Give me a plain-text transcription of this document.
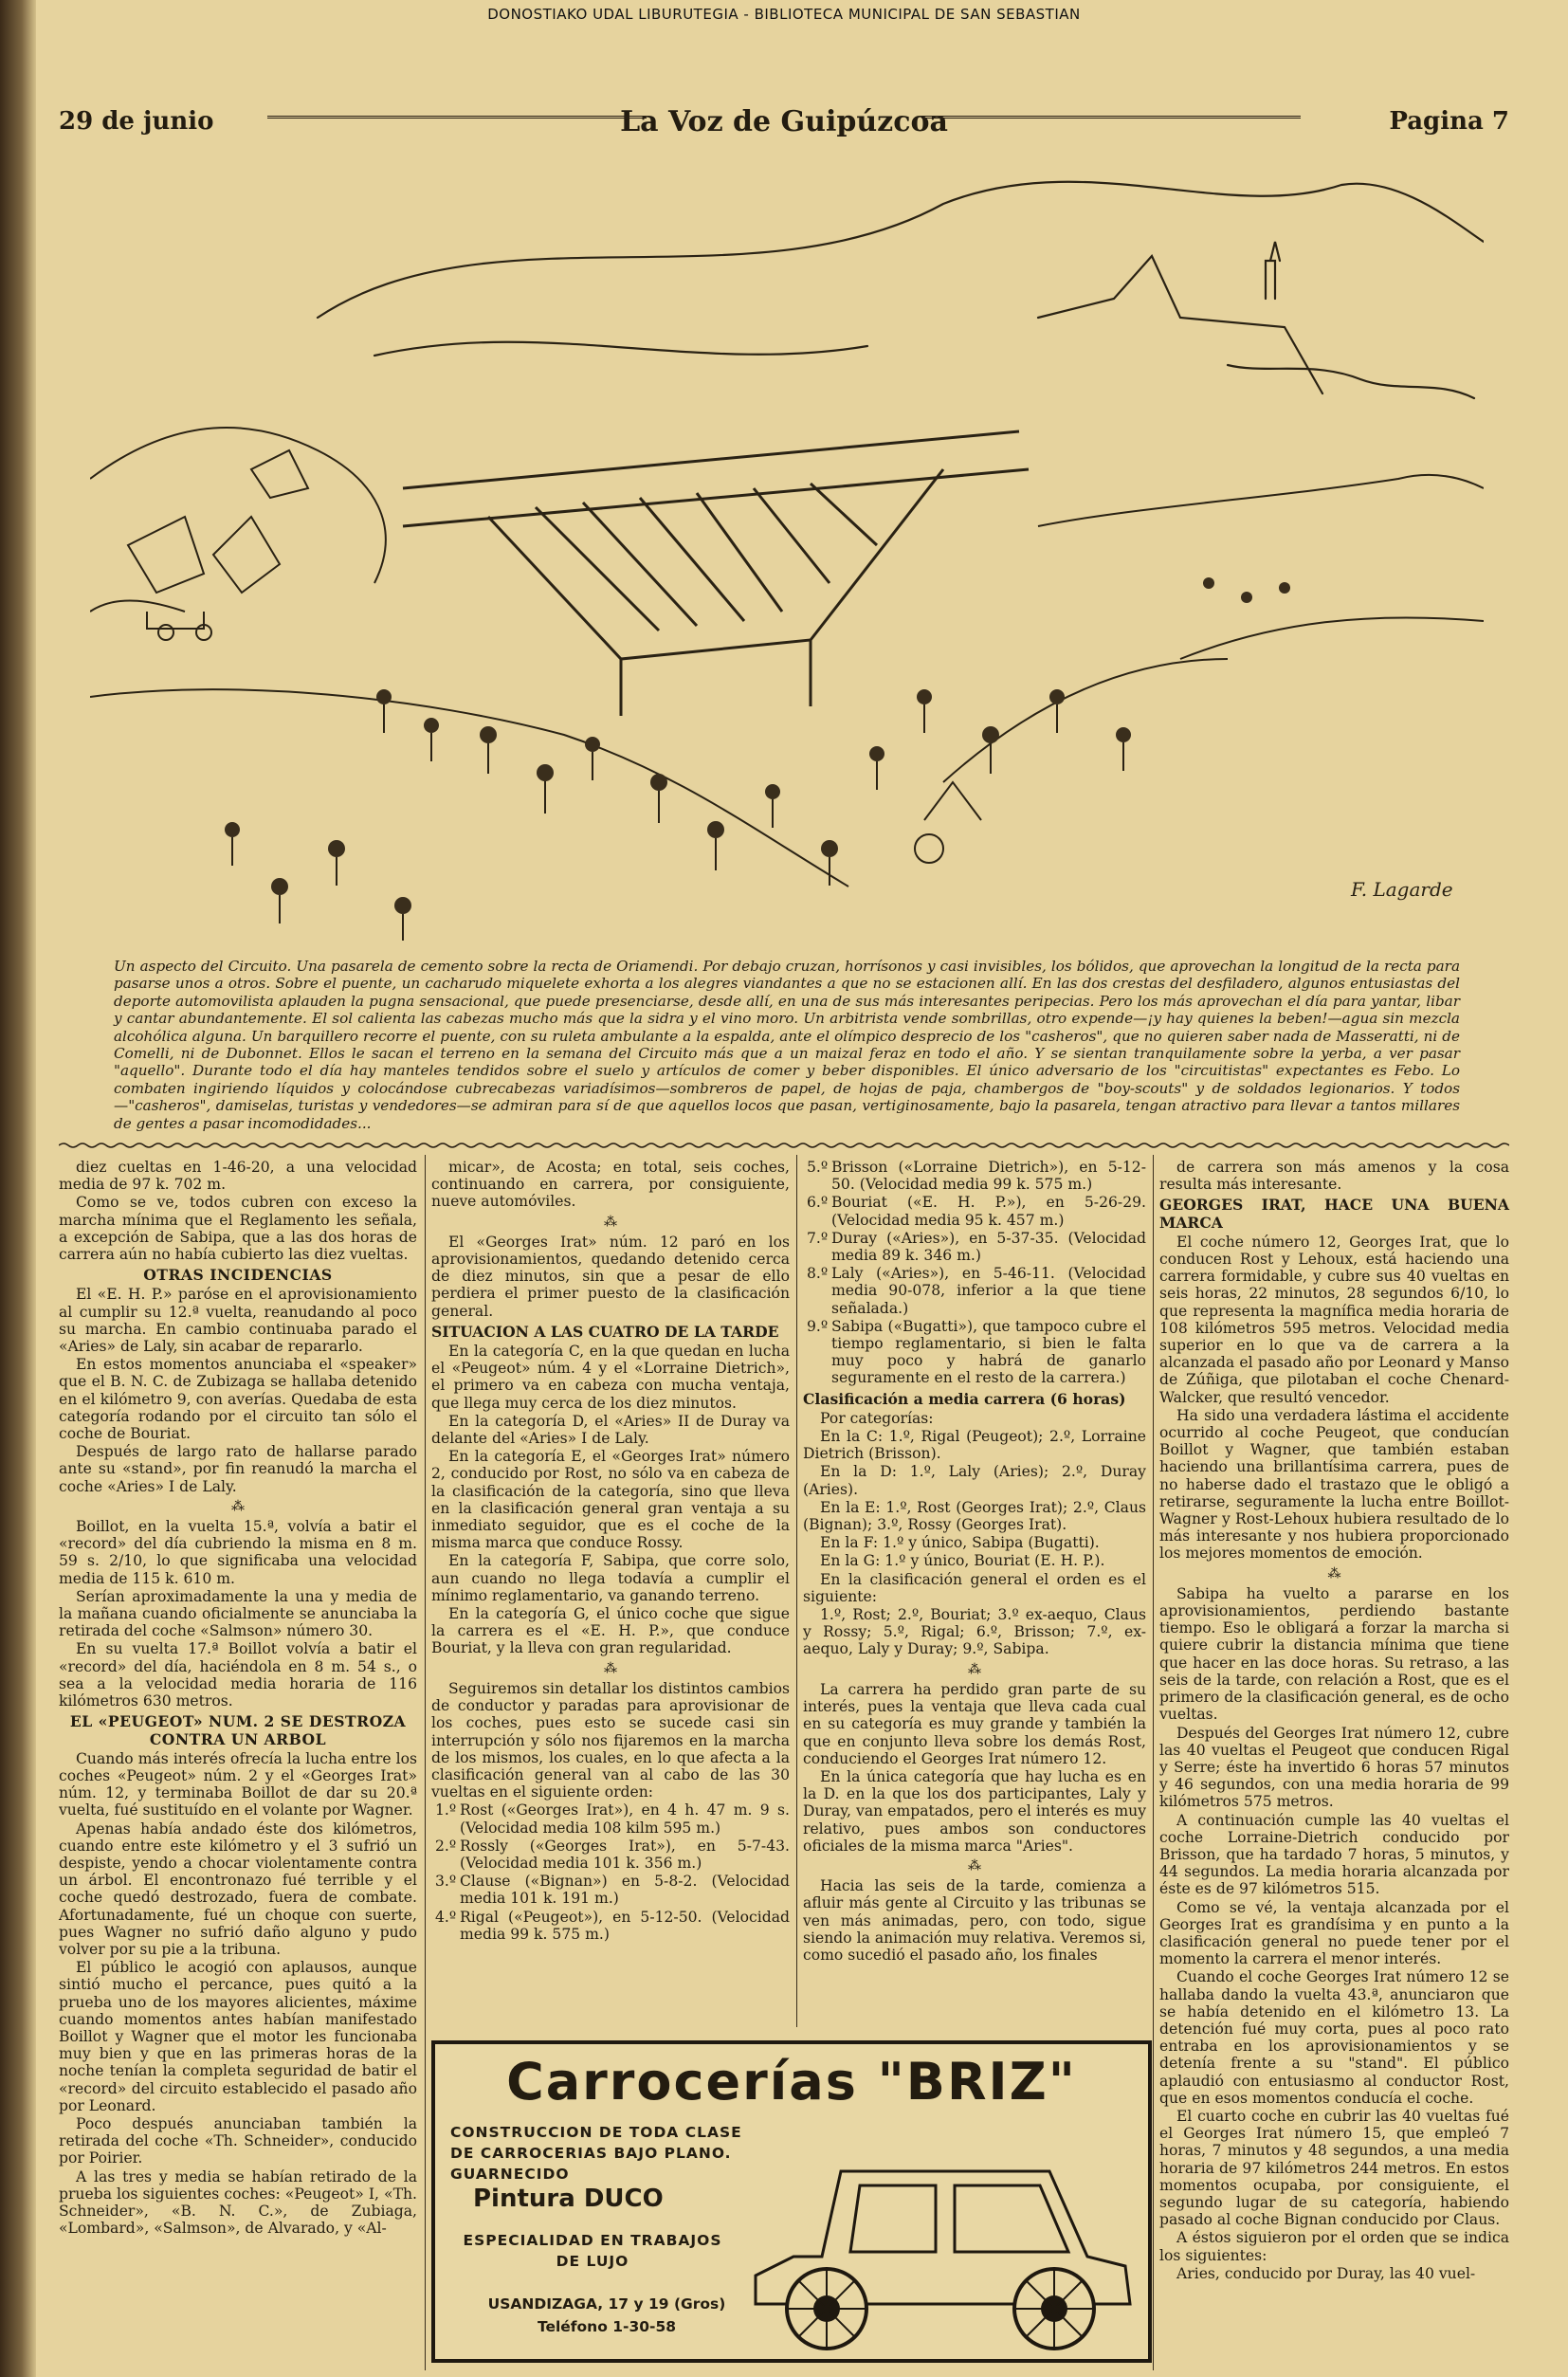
DONOSTIAKO UDAL LIBURUTEGIA - BIBLIOTECA MUNICIPAL DE SAN SEBASTIAN
29 de junio	La Voz de Guipúzcoa	Pagina 7
F. Lagarde
Un aspecto del Circuito. Una pasarela de cemento sobre la recta de Oriamendi. Por debajo cruzan, horrísonos y casi invisibles, los bólidos, que aprovechan la longitud de la recta para pasarse unos a otros. Sobre el puente, un cacharudo miquelete exhorta a los alegres viandantes a que no se estacionen allí. En las dos crestas del desfiladero, algunos entusiastas del deporte automovilista aplauden la pugna sensacional, que puede presenciarse, desde allí, en una de sus más interesantes peripecias. Pero los más aprovechan el día para yantar, libar y cantar abundantemente. El sol calienta las cabezas mucho más que la sidra y el vino moro. Un arbitrista vende sombrillas, otro expende—¡y hay quienes la beben!—agua sin mezcla alcohólica alguna. Un barquillero recorre el puente, con su ruleta ambulante a la espalda, ante el olímpico desprecio de los "casheros", que no quieren saber nada de Masseratti, ni de Comelli, ni de Dubonnet. Ellos le sacan el terreno en la semana del Circuito más que a un maizal feraz en todo el año. Y se sientan tranquilamente sobre la yerba, a ver pasar "aquello". Durante todo el día hay manteles tendidos sobre el suelo y artículos de comer y beber disponibles. El único adversario de los "circuitistas" expectantes es Febo. Lo combaten ingiriendo líquidos y colocándose cubrecabezas variadísimos—sombreros de papel, de hojas de paja, chambergos de "boy-scouts" y de soldados legionarios. Y todos —"casheros", damiselas, turistas y vendedores—se admiran para sí de que aquellos locos que pasan, vertiginosamente, bajo la pasarela, tengan atractivo para llevar a tantos millares de gentes a pasar incomodidades...

diez cueltas en 1-46-20, a una velocidad media de 97 k. 702 m.

Como se ve, todos cubren con exceso la marcha mínima que el Reglamento les señala, a excepción de Sabipa, que a las dos horas de carrera aún no había cubierto las diez vueltas.

OTRAS INCIDENCIAS

El «E. H. P.» paróse en el aprovisionamiento al cumplir su 12.ª vuelta, reanudando al poco su marcha. En cambio continuaba parado el «Aries» de Laly, sin acabar de repararlo.

En estos momentos anunciaba el «speaker» que el B. N. C. de Zubizaga se hallaba detenido en el kilómetro 9, con averías. Quedaba de esta categoría rodando por el circuito tan sólo el coche de Bouriat.

Después de largo rato de hallarse parado ante su «stand», por fin reanudó la marcha el coche «Aries» I de Laly.

⁂

Boillot, en la vuelta 15.ª, volvía a batir el «record» del día cubriendo la misma en 8 m. 59 s. 2/10, lo que significaba una velocidad media de 115 k. 610 m.

Serían aproximadamente la una y media de la mañana cuando oficialmente se anunciaba la retirada del coche «Salmson» número 30.

En su vuelta 17.ª Boillot volvía a batir el «record» del día, haciéndola en 8 m. 54 s., o sea a la velocidad media horaria de 116 kilómetros 630 metros.

EL «PEUGEOT» NUM. 2 SE DESTROZA CONTRA UN ARBOL

Cuando más interés ofrecía la lucha entre los coches «Peugeot» núm. 2 y el «Georges Irat» núm. 12, y terminaba Boillot de dar su 20.ª vuelta, fué sustituído en el volante por Wagner.

Apenas había andado éste dos kilómetros, cuando entre este kilómetro y el 3 sufrió un despiste, yendo a chocar violentamente contra un árbol. El encontronazo fué terrible y el coche quedó destrozado, fuera de combate. Afortunadamente, fué un choque con suerte, pues Wagner no sufrió daño alguno y pudo volver por su pie a la tribuna.

El público le acogió con aplausos, aunque sintió mucho el percance, pues quitó a la prueba uno de los mayores alicientes, máxime cuando momentos antes habían manifestado Boillot y Wagner que el motor les funcionaba muy bien y que en las primeras horas de la noche tenían la completa seguridad de batir el «record» del circuito establecido el pasado año por Leonard.

Poco después anunciaban también la retirada del coche «Th. Schneider», conducido por Poirier.

A las tres y media se habían retirado de la prueba los siguientes coches: «Peugeot» I, «Th. Schneider», «B. N. C.», de Zubiaga, «Lombard», «Salmson», de Alvarado, y «Al-

micar», de Acosta; en total, seis coches, continuando en carrera, por consiguiente, nueve automóviles.

⁂

El «Georges Irat» núm. 12 paró en los aprovisionamientos, quedando detenido cerca de diez minutos, sin que a pesar de ello perdiera el primer puesto de la clasificación general.

SITUACION A LAS CUATRO DE LA TARDE

En la categoría C, en la que quedan en lucha el «Peugeot» núm. 4 y el «Lorraine Dietrich», el primero va en cabeza con mucha ventaja, que llega muy cerca de los diez minutos.

En la categoría D, el «Aries» II de Duray va delante del «Aries» I de Laly.

En la categoría E, el «Georges Irat» número 2, conducido por Rost, no sólo va en cabeza de la clasificación de la categoría, sino que lleva en la clasificación general gran ventaja a su inmediato seguidor, que es el coche de la misma marca que conduce Rossy.

En la categoría F, Sabipa, que corre solo, aun cuando no llega todavía a cumplir el mínimo reglamentario, va ganando terreno.

En la categoría G, el único coche que sigue la carrera es el «E. H. P.», que conduce Bouriat, y la lleva con gran regularidad.

⁂

Seguiremos sin detallar los distintos cambios de conductor y paradas para aprovisionar de los coches, pues esto se sucede casi sin interrupción y sólo nos fijaremos en la marcha de los mismos, los cuales, en lo que afecta a la clasificación general van al cabo de las 30 vueltas en el siguiente orden:

1.º Rost («Georges Irat»), en 4 h. 47 m. 9 s. (Velocidad media 108 kilm 595 m.)

2.º Rossly («Georges Irat»), en 5-7-43. (Velocidad media 101 k. 356 m.)

3.º Clause («Bignan») en 5-8-2. (Velocidad media 101 k. 191 m.)

4.º Rigal («Peugeot»), en 5-12-50. (Velocidad media 99 k. 575 m.)

5.º Brisson («Lorraine Dietrich»), en 5-12-50. (Velocidad media 99 k. 575 m.)

6.º Bouriat («E. H. P.»), en 5-26-29. (Velocidad media 95 k. 457 m.)

7.º Duray («Aries»), en 5-37-35. (Velocidad media 89 k. 346 m.)

8.º Laly («Aries»), en 5-46-11. (Velocidad media 90-078, inferior a la que tiene señalada.)

9.º Sabipa («Bugatti»), que tampoco cubre el tiempo reglamentario, si bien le falta muy poco y habrá de ganarlo seguramente en el resto de la carrera.)

Clasificación a media carrera (6 horas)

Por categorías:

En la C: 1.º, Rigal (Peugeot); 2.º, Lorraine Dietrich (Brisson).

En la D: 1.º, Laly (Aries); 2.º, Duray (Aries).

En la E: 1.º, Rost (Georges Irat); 2.º, Claus (Bignan); 3.º, Rossy (Georges Irat).

En la F: 1.º y único, Sabipa (Bugatti).

En la G: 1.º y único, Bouriat (E. H. P.).

En la clasificación general el orden es el siguiente:

1.º, Rost; 2.º, Bouriat; 3.º ex-aequo, Claus y Rossy; 5.º, Rigal; 6.º, Brisson; 7.º, ex-aequo, Laly y Duray; 9.º, Sabipa.

⁂

La carrera ha perdido gran parte de su interés, pues la ventaja que lleva cada cual en su categoría es muy grande y también la que en conjunto lleva sobre los demás Rost, conduciendo el Georges Irat número 12.

En la única categoría que hay lucha es en la D. en la que los dos participantes, Laly y Duray, van empatados, pero el interés es muy relativo, pues ambos son conductores oficiales de la misma marca "Aries".

⁂

Hacia las seis de la tarde, comienza a afluir más gente al Circuito y las tribunas se ven más animadas, pero, con todo, sigue siendo la animación muy relativa. Veremos si, como sucedió el pasado año, los finales

de carrera son más amenos y la cosa resulta más interesante.

GEORGES IRAT, HACE UNA BUENA MARCA

El coche número 12, Georges Irat, que lo conducen Rost y Lehoux, está haciendo una carrera formidable, y cubre sus 40 vueltas en seis horas, 22 minutos, 28 segundos 6/10, lo que representa la magnífica media horaria de 108 kilómetros 595 metros. Velocidad media superior en lo que va de carrera a la alcanzada el pasado año por Leonard y Manso de Zúñiga, que pilotaban el coche Chenard-Walcker, que resultó vencedor.

Ha sido una verdadera lástima el accidente ocurrido al coche Peugeot, que conducían Boillot y Wagner, que también estaban haciendo una brillantísima carrera, pues de no haberse dado el trastazo que le obligó a retirarse, seguramente la lucha entre Boillot-Wagner y Rost-Lehoux hubiera resultado de lo más interesante y nos hubiera proporcionado los mejores momentos de emoción.

⁂

Sabipa ha vuelto a pararse en los aprovisionamientos, perdiendo bastante tiempo. Eso le obligará a forzar la marcha si quiere cubrir la distancia mínima que tiene que hacer en las doce horas. Su retraso, a las seis de la tarde, con relación a Rost, que es el primero de la clasificación general, es de ocho vueltas.

Después del Georges Irat número 12, cubre las 40 vueltas el Peugeot que conducen Rigal y Serre; éste ha invertido 6 horas 57 minutos y 46 segundos, con una media horaria de 99 kilómetros 575 metros.

A continuación cumple las 40 vueltas el coche Lorraine-Dietrich conducido por Brisson, que ha tardado 7 horas, 5 minutos, y 44 segundos. La media horaria alcanzada por éste es de 97 kilómetros 515.

Como se vé, la ventaja alcanzada por el Georges Irat es grandísima y en punto a la clasificación general no puede tener por el momento la carrera el menor interés.

Cuando el coche Georges Irat número 12 se hallaba dando la vuelta 43.ª, anunciaron que se había detenido en el kilómetro 13. La detención fué muy corta, pues al poco rato entraba en los aprovisionamientos y se detenía frente a su "stand". El público aplaudió con entusiasmo al conductor Rost, que en esos momentos conducía el coche.

El cuarto coche en cubrir las 40 vueltas fué el Georges Irat número 15, que empleó 7 horas, 7 minutos y 48 segundos, a una media horaria de 97 kilómetros 244 metros. En estos momentos ocupaba, por consiguiente, el segundo lugar de su categoría, habiendo pasado al coche Bignan conducido por Claus.

A éstos siguieron por el orden que se indica los siguientes:

Aries, conducido por Duray, las 40 vuel-

Carrocerías "BRIZ"
CONSTRUCCION DE TODA CLASE DE CARROCERIAS BAJO PLANO. GUARNECIDO
Pintura DUCO
ESPECIALIDAD EN TRABAJOS DE LUJO
USANDIZAGA, 17 y 19 (Gros)
Teléfono 1-30-58
